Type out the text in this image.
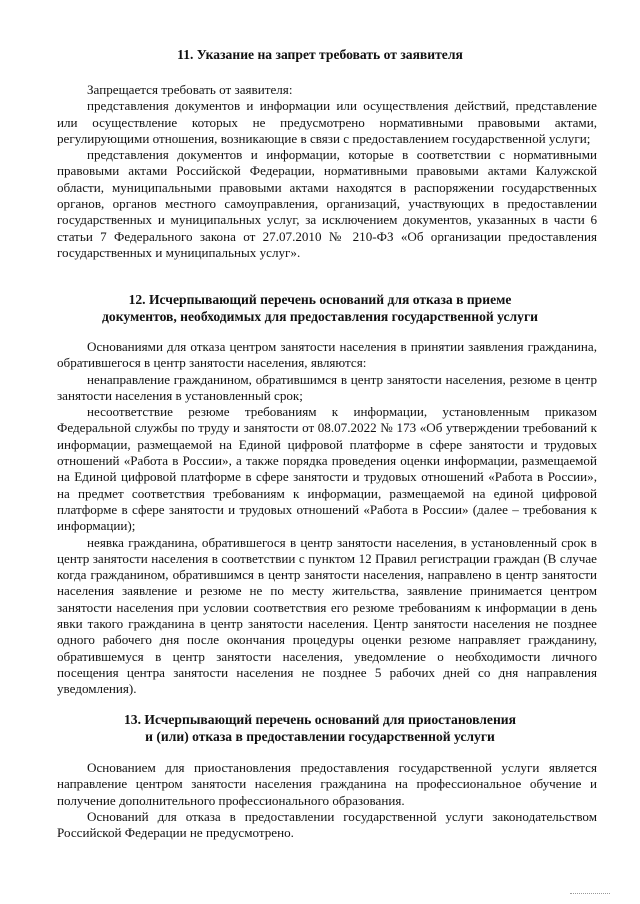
11. Указание на запрет требовать от заявителя

Запрещается требовать от заявителя:

представления документов и информации или осуществления действий, представление или осуществление которых не предусмотрено нормативными правовыми актами, регулирующими отношения, возникающие в связи с предоставлением государственной услуги;

представления документов и информации, которые в соответствии с нормативными правовыми актами Российской Федерации, нормативными правовыми актами Калужской области, муниципальными правовыми актами находятся в распоряжении государственных органов, органов местного самоуправления, организаций, участвующих в предоставлении государственных и муниципальных услуг, за исключением документов, указанных в части 6 статьи 7 Федерального закона от 27.07.2010 № 210-ФЗ «Об организации предоставления государственных и муниципальных услуг».

12. Исчерпывающий перечень оснований для отказа в приеме
документов, необходимых для предоставления государственной услуги

Основаниями для отказа центром занятости населения в принятии заявления гражданина, обратившегося в центр занятости населения, являются:

ненаправление гражданином, обратившимся в центр занятости населения, резюме в центр занятости населения в установленный срок;

несоответствие резюме требованиям к информации, установленным приказом Федеральной службы по труду и занятости от 08.07.2022 № 173 «Об утверждении требований к информации, размещаемой на Единой цифровой платформе в сфере занятости и трудовых отношений «Работа в России», а также порядка проведения оценки информации, размещаемой на Единой цифровой платформе в сфере занятости и трудовых отношений «Работа в России», на предмет соответствия требованиям к информации, размещаемой на единой цифровой платформе в сфере занятости и трудовых отношений «Работа в России» (далее – требования к информации);

неявка гражданина, обратившегося в центр занятости населения, в установленный срок в центр занятости населения в соответствии с пунктом 12 Правил регистрации граждан (В случае когда гражданином, обратившимся в центр занятости населения, направлено в центр занятости населения заявление и резюме не по месту жительства, заявление принимается центром занятости населения при условии соответствия его резюме требованиям к информации в день явки такого гражданина в центр занятости населения. Центр занятости населения не позднее одного рабочего дня после окончания процедуры оценки резюме направляет гражданину, обратившемуся в центр занятости населения, уведомление о необходимости личного посещения центра занятости населения не позднее 5 рабочих дней со дня направления уведомления).

13. Исчерпывающий перечень оснований для приостановления
и (или) отказа в предоставлении государственной услуги

Основанием для приостановления предоставления государственной услуги является направление центром занятости населения гражданина на профессиональное обучение и получение дополнительного профессионального образования.

Оснований для отказа в предоставлении государственной услуги законодательством Российской Федерации не предусмотрено.
